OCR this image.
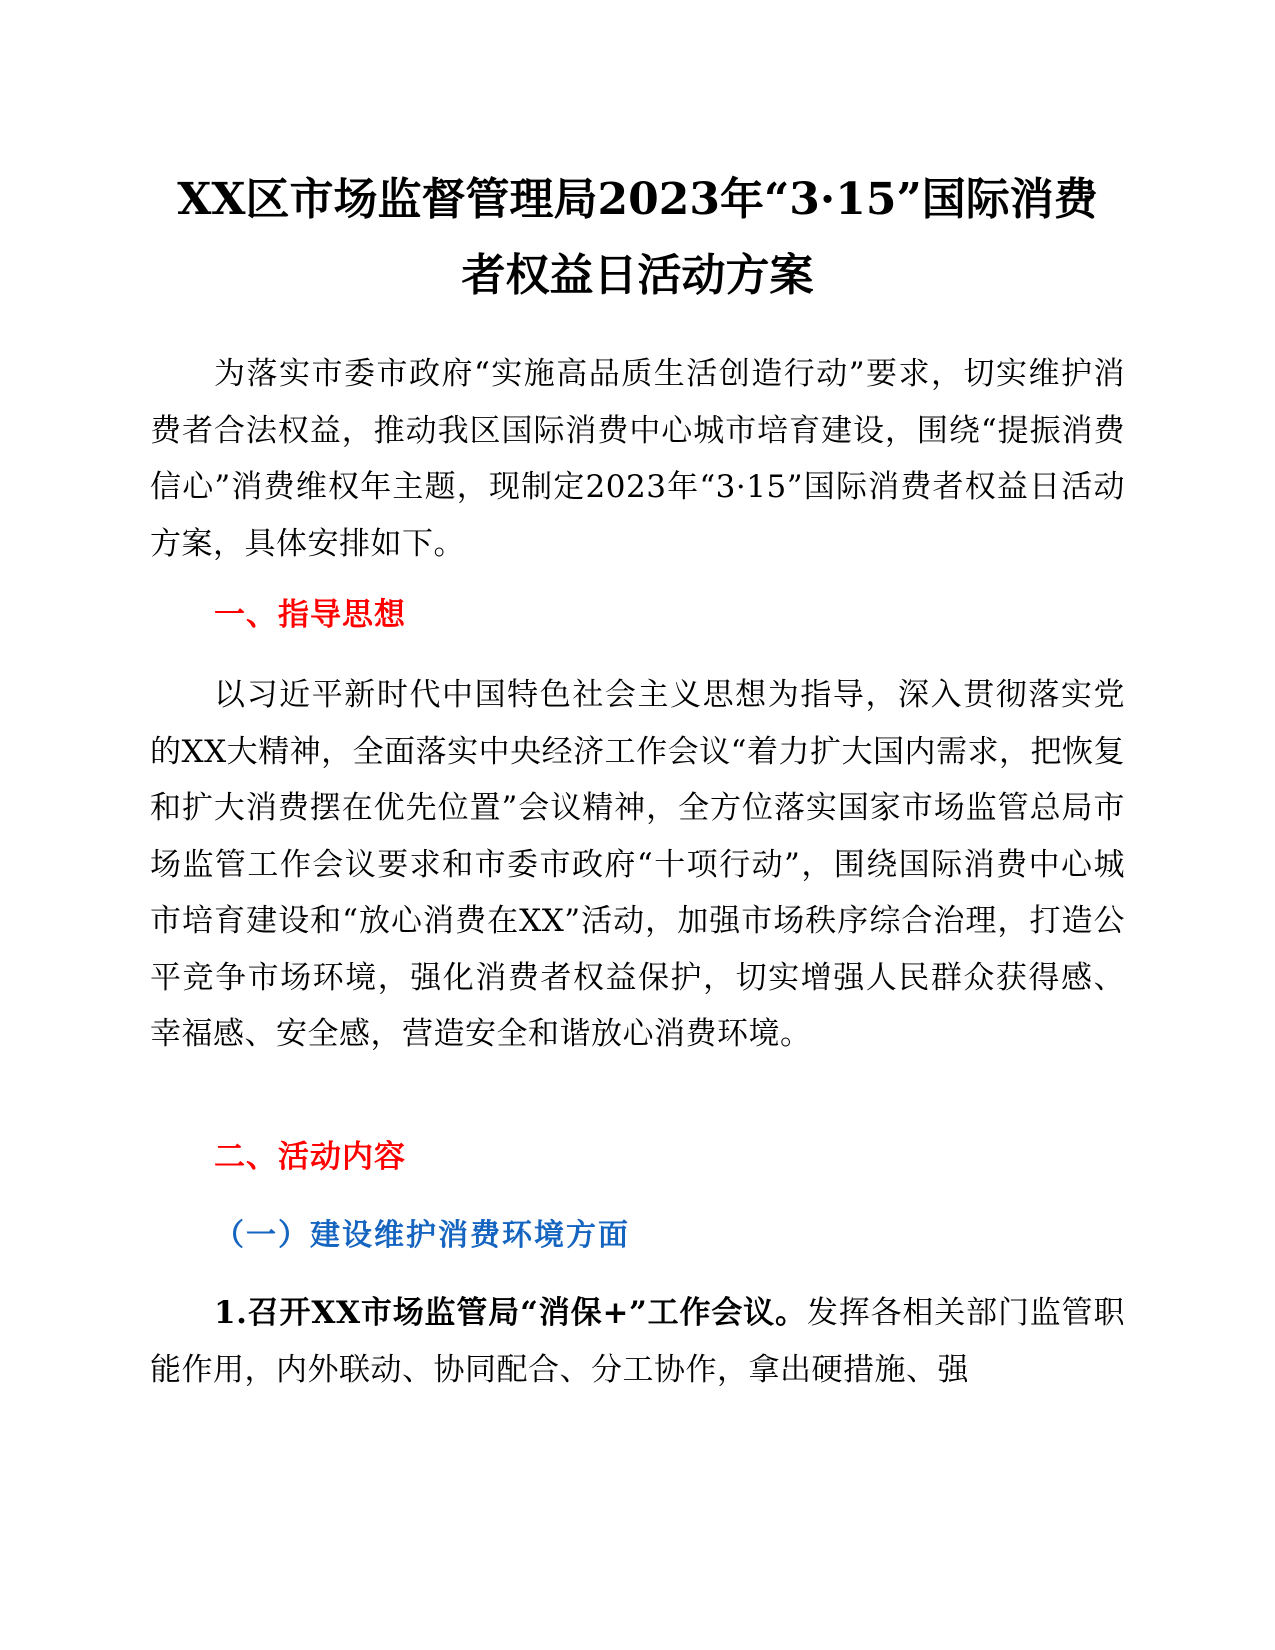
XX区市场监督管理局2023年“3·15”国际消费
者权益日活动方案

为落实市委市政府“实施高品质生活创造行动”要求，切实维护消费者合法权益，推动我区国际消费中心城市培育建设，围绕“提振消费信心”消费维权年主题，现制定2023年“3·15”国际消费者权益日活动方案，具体安排如下。

一、指导思想

以习近平新时代中国特色社会主义思想为指导，深入贯彻落实党的XX大精神，全面落实中央经济工作会议“着力扩大国内需求，把恢复和扩大消费摆在优先位置”会议精神，全方位落实国家市场监管总局市场监管工作会议要求和市委市政府“十项行动”，围绕国际消费中心城市培育建设和“放心消费在XX”活动，加强市场秩序综合治理，打造公平竞争市场环境，强化消费者权益保护，切实增强人民群众获得感、幸福感、安全感，营造安全和谐放心消费环境。

二、活动内容
（一）建设维护消费环境方面

1.召开XX市场监管局“消保+”工作会议。发挥各相关部门监管职能作用，内外联动、协同配合、分工协作，拿出硬措施、强
